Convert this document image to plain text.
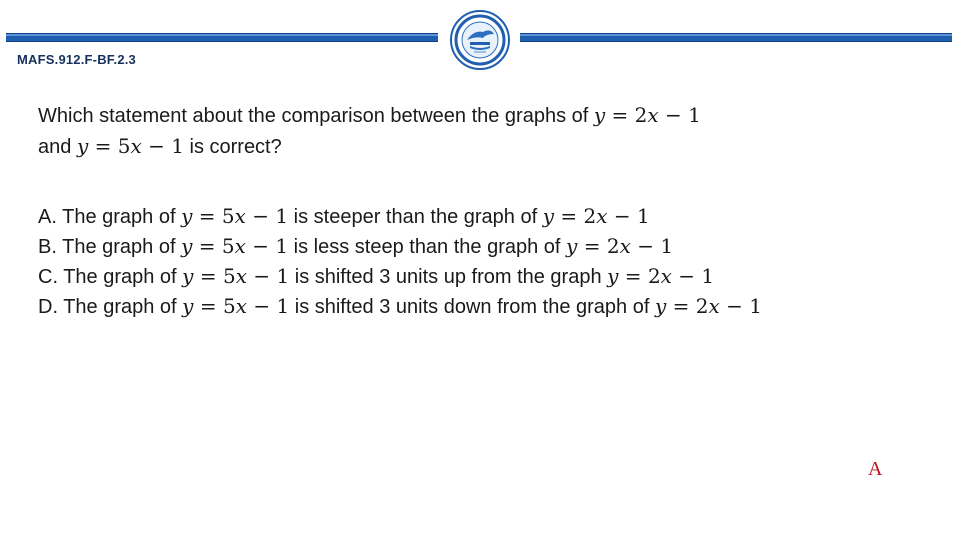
MAFS.912.F-BF.2.3
Which statement about the comparison between the graphs of y = 2x − 1
and y = 5x − 1 is correct?
A. The graph of y = 5x − 1 is steeper than the graph of y = 2x − 1
B. The graph of y = 5x − 1 is less steep than the graph of y = 2x − 1
C. The graph of y = 5x − 1 is shifted 3 units up from the graph y = 2x − 1
D. The graph of y = 5x − 1 is shifted 3 units down from the graph of y = 2x − 1
A
